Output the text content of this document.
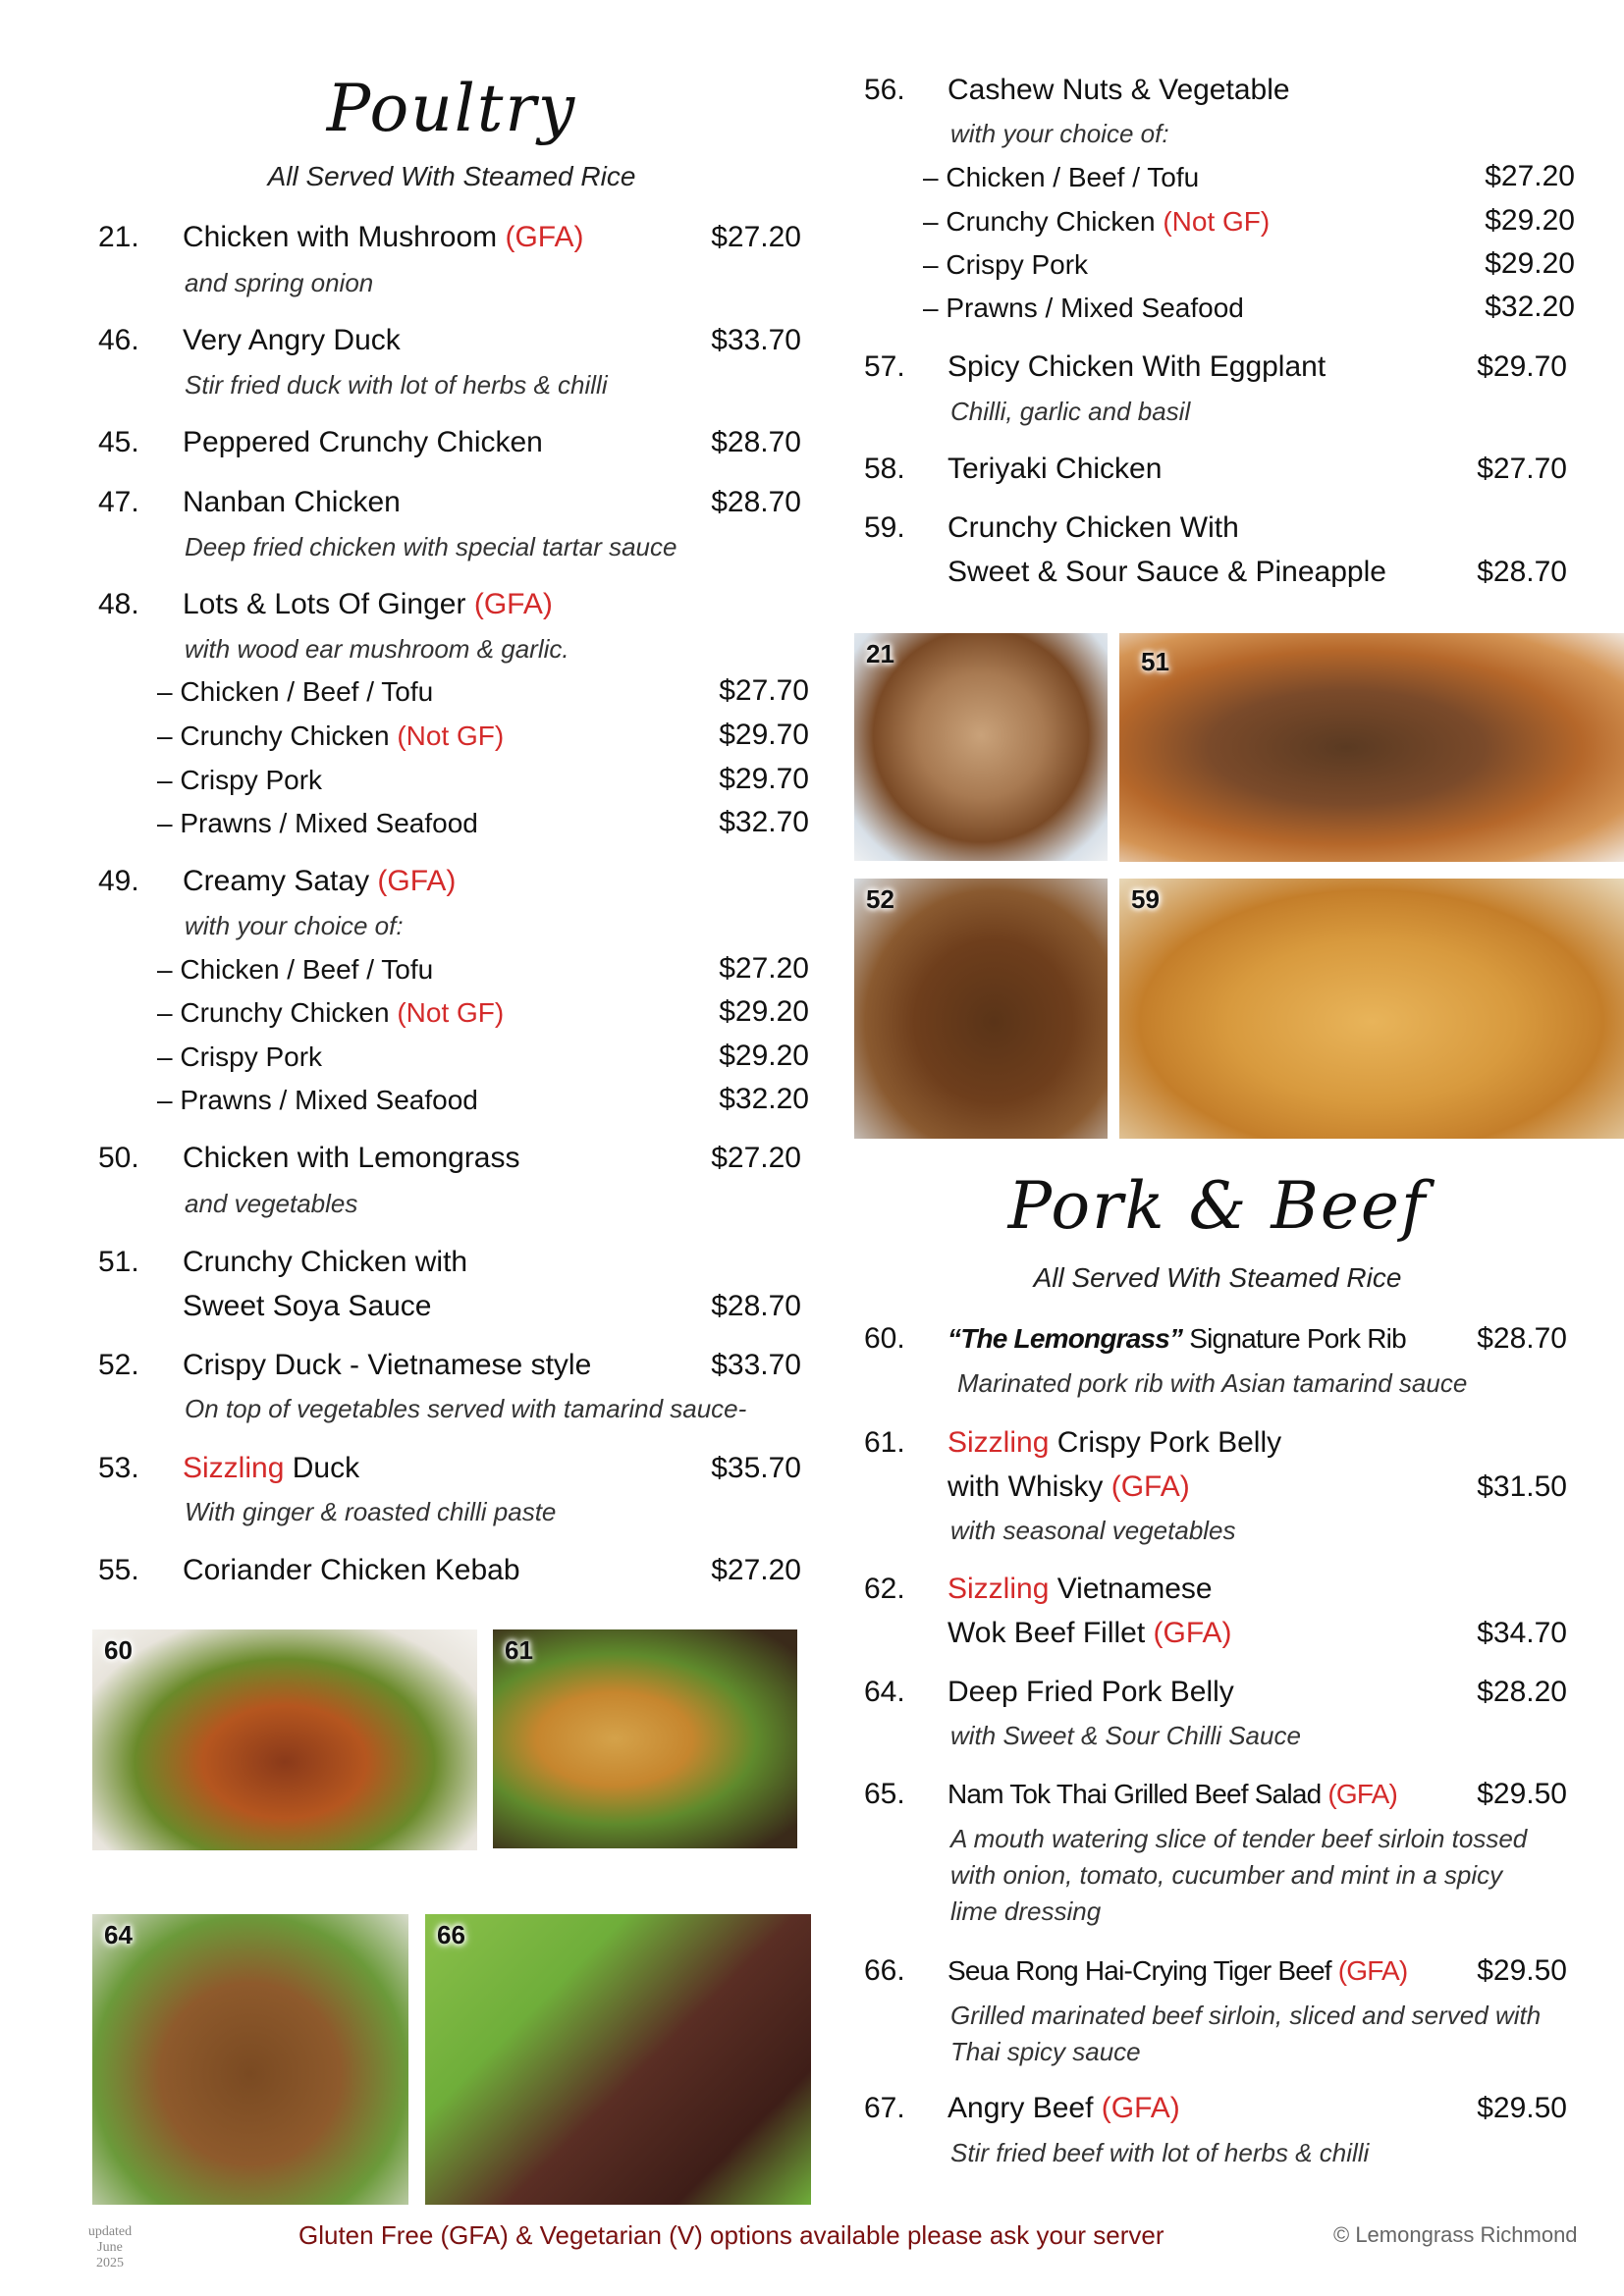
Poultry
All Served With Steamed Rice
21. Chicken with Mushroom (GFA)	$27.20
and spring onion
46. Very Angry Duck	$33.70
Stir fried duck with lot of herbs & chilli
45. Peppered Crunchy Chicken	$28.70
47. Nanban Chicken	$28.70
Deep fried chicken with special tartar sauce
48. Lots & Lots Of Ginger (GFA)
with wood ear mushroom & garlic.
– Chicken / Beef / Tofu	$27.70
– Crunchy Chicken (Not GF)	$29.70
– Crispy Pork	$29.70
– Prawns / Mixed Seafood	$32.70
49. Creamy Satay (GFA)
with your choice of:
– Chicken / Beef / Tofu	$27.20
– Crunchy Chicken (Not GF)	$29.20
– Crispy Pork	$29.20
– Prawns / Mixed Seafood	$32.20
50. Chicken with Lemongrass	$27.20
and vegetables
51. Crunchy Chicken with
Sweet Soya Sauce	$28.70
52. Crispy Duck - Vietnamese style	$33.70
On top of vegetables served with tamarind sauce-
53. Sizzling Duck	$35.70
With ginger & roasted chilli paste
55. Coriander Chicken Kebab	$27.20
60	61
64	66
56. Cashew Nuts & Vegetable
with your choice of:
– Chicken / Beef / Tofu	$27.20
– Crunchy Chicken (Not GF)	$29.20
– Crispy Pork	$29.20
– Prawns / Mixed Seafood	$32.20
57. Spicy Chicken With Eggplant	$29.70
Chilli, garlic and basil
58. Teriyaki Chicken	$27.70
59. Crunchy Chicken With
Sweet & Sour Sauce & Pineapple	$28.70
21	51
52	59
Pork & Beef
All Served With Steamed Rice
60. “The Lemongrass” Signature Pork Rib $28.70
Marinated pork rib with Asian tamarind sauce
61. Sizzling Crispy Pork Belly
with Whisky (GFA)	$31.50
with seasonal vegetables
62. Sizzling Vietnamese
Wok Beef Fillet (GFA)	$34.70
64. Deep Fried Pork Belly	$28.20
with Sweet & Sour Chilli Sauce
65. Nam Tok Thai Grilled Beef Salad (GFA)	$29.50
A mouth watering slice of tender beef sirloin tossed
with onion, tomato, cucumber and mint in a spicy
lime dressing
66. Seua Rong Hai-Crying Tiger Beef (GFA) $29.50
Grilled marinated beef sirloin, sliced and served with
Thai spicy sauce
67. Angry Beef (GFA)	$29.50
Stir fried beef with lot of herbs & chilli
updated
June
2025
Gluten Free (GFA) & Vegetarian (V) options available please ask your server	© Lemongrass Richmond
